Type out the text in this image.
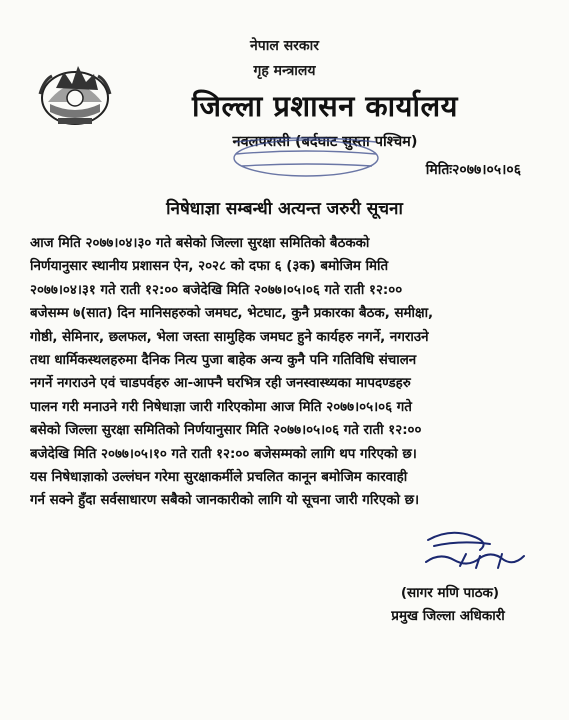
नेपाल सरकार
गृह मन्त्रालय
जिल्ला प्रशासन कार्यालय
नवलपरासी (बर्दघाट सुस्ता पश्चिम)
मितिः२०७७।०५।०६
निषेधाज्ञा सम्बन्धी अत्यन्त जरुरी सूचना
आज मिति २०७७।०४।३० गते बसेको जिल्ला सुरक्षा समितिको बैठकको
निर्णयानुसार स्थानीय प्रशासन ऐन, २०२८ को दफा ६ (३क) बमोजिम मिति
२०७७।०४।३१ गते राती १२:०० बजेदेखि मिति २०७७।०५।०६ गते राती १२:००
बजेसम्म ७(सात) दिन मानिसहरुको जमघट, भेटघाट, कुनै प्रकारका बैठक, समीक्षा,
गोष्ठी, सेमिनार, छलफल, भेला जस्ता सामुहिक जमघट हुने कार्यहरु नगर्ने, नगराउने
तथा धार्मिकस्थलहरुमा दैनिक नित्य पुजा बाहेक अन्य कुनै पनि गतिविधि संचालन
नगर्ने नगराउने एवं चाडपर्वहरु आ-आफ्नै घरभित्र रही जनस्वास्थ्यका मापदण्डहरु
पालन गरी मनाउने गरी निषेधाज्ञा जारी गरिएकोमा आज मिति २०७७।०५।०६ गते
बसेको जिल्ला सुरक्षा समितिको निर्णयानुसार मिति २०७७।०५।०६ गते राती १२:००
बजेदेखि मिति २०७७।०५।१० गते राती १२:०० बजेसम्मको लागि थप गरिएको छ।
यस निषेधाज्ञाको उल्लंघन गरेमा सुरक्षाकर्मीले प्रचलित कानून बमोजिम कारवाही
गर्न सक्ने हुँदा सर्वसाधारण सबैको जानकारीको लागि यो सूचना जारी गरिएको छ।
(सागर मणि पाठक)
प्रमुख जिल्ला अधिकारी
